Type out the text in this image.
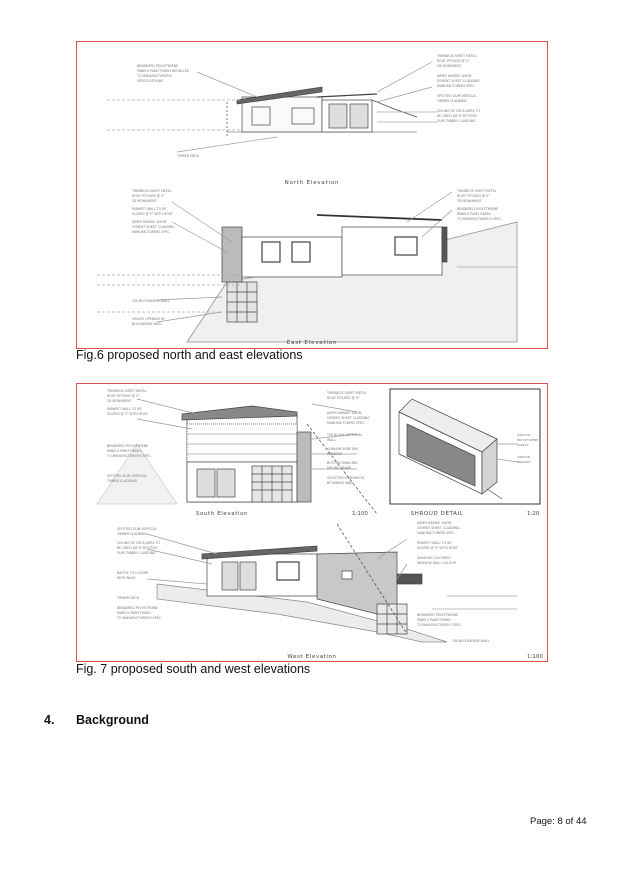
BENDERED POLYSTYRENE
PANELS PAINT FINISH INSTALLED
TO MANUFACTURER'S
SPECIFICATIONS
TRIMDECK SHEET METAL
ROOF PITCHED @ 5°
CB MONUMENT
JAMES HARDIE 'AXON'
CEMENT SHEET CLADDING
MANUFACTURERS SPEC.
SPOTTED GUM VERTICAL
TIMBER CLADDING
CEILING OF DECK AREA TO
BE LINED WITH SPOTTED
GUM TIMBER CLADDING
TIMBER DECK
North Elevation
TRIMDECK SHEET METAL
ROOF PITCHED @ 5°
CB MONUMENT
PARAPET WALL TO BE
SLOPED @ 5° WITH ROOF
JAMES HARDIE 'AXON'
CEMENT SHEET CLADDING
MANUFACTURERS SPEC.
TRIMDECK SHEET METAL
ROOF PITCHED @ 5°
CB MONUMENT
BENDERED POLYSTYRENE
PANELS PAINT FINISH
TO MANUFACTURER'S SPEC.
150 BLOCKWORK WALL
CREATE OPENING IN
BLOCKWORK WALL
East Elevation
Fig.6 proposed north and east elevations
TRIMDECK SHEET METAL
ROOF PITCHED @ 5°
CB MONUMENT
PARAPET WALL TO BE
SLOPED @ 5° WITH ROOF
BENDERED POLYSTYRENE
PANELS PAINT FINISH
TO MANUFACTURER'S SPEC.
SPOTTED GUM VERTICAL
TIMBER CLADDING
TRIMDECK SHEET METAL
ROOF PITCHED @ 5°
JAMES HARDIE 'AXON'
CEMENT SHEET CLADDING
MANUFACTURERS SPEC.
150 BLOCK EXTERNAL
WALL
SLIMLINE WIDE BAY
WINDOW
BOTTOM PANELING
MOUND FRAME
SELECTED HARDWOOD
RETAINING WALL
South Elevation	1:100
SHROUD
POLYSTYRENE
PANELS
SHROUD
BRACKET
SHROUD DETAIL	1:20
SPOTTED GUM VERTICAL
TIMBER CLADDING
CEILING OF DECK AREA TO
BE LINED WITH SPOTTED
GUM TIMBER CLADDING
BAFFLE TO LOUVRE
WITH RAILS
TIMBER DECK
BENDERED POLYSTYRENE
PANELS PAINT FINISH
TO MANUFACTURER'S SPEC.
JAMES HARDIE 'AXON'
CEMENT SHEET CLADDING
MANUFACTURERS SPEC.
PARAPET WALL TO BE
SLOPED @ 5° WITH ROOF
SHADOW COLOURED
WINDOW WALL COLOUR
BENDERED POLYSTYRENE
PANELS PAINT FINISH
TO MANUFACTURER'S SPEC.
150 BLOCKWORK WALL
West Elevation	1:100
Fig. 7 proposed south and west elevations
4. Background
Page: 8 of 44
